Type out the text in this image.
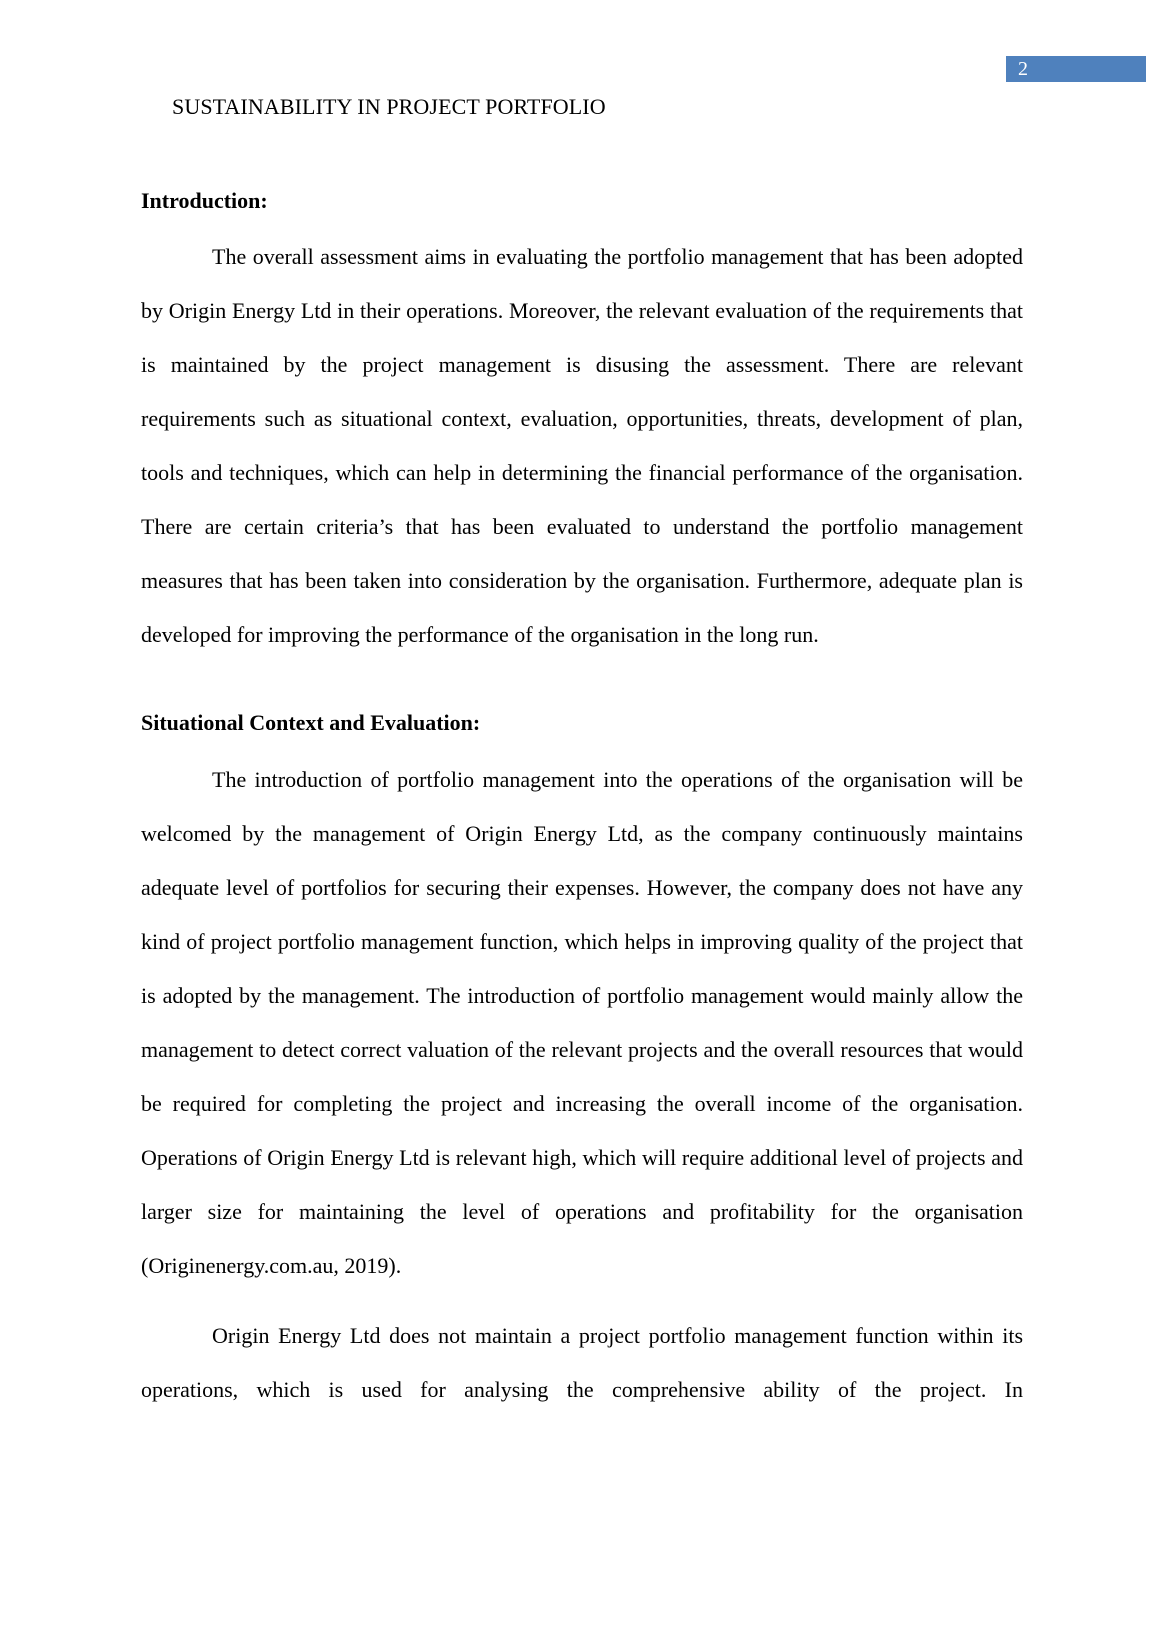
2
SUSTAINABILITY IN PROJECT PORTFOLIO
Introduction:

The overall assessment aims in evaluating the portfolio management that has been adopted by Origin Energy Ltd in their operations. Moreover, the relevant evaluation of the requirements that is maintained by the project management is disusing the assessment. There are relevant requirements such as situational context, evaluation, opportunities, threats, development of plan, tools and techniques, which can help in determining the financial performance of the organisation. There are certain criteria’s that has been evaluated to understand the portfolio management measures that has been taken into consideration by the organisation. Furthermore, adequate plan is developed for improving the performance of the organisation in the long run.

Situational Context and Evaluation:

The introduction of portfolio management into the operations of the organisation will be welcomed by the management of Origin Energy Ltd, as the company continuously maintains adequate level of portfolios for securing their expenses. However, the company does not have any kind of project portfolio management function, which helps in improving quality of the project that is adopted by the management. The introduction of portfolio management would mainly allow the management to detect correct valuation of the relevant projects and the overall resources that would be required for completing the project and increasing the overall income of the organisation. Operations of Origin Energy Ltd is relevant high, which will require additional level of projects and larger size for maintaining the level of operations and profitability for the organisation (Originenergy.com.au, 2019).

Origin Energy Ltd does not maintain a project portfolio management function within its operations, which is used for analysing the comprehensive ability of the project. In
